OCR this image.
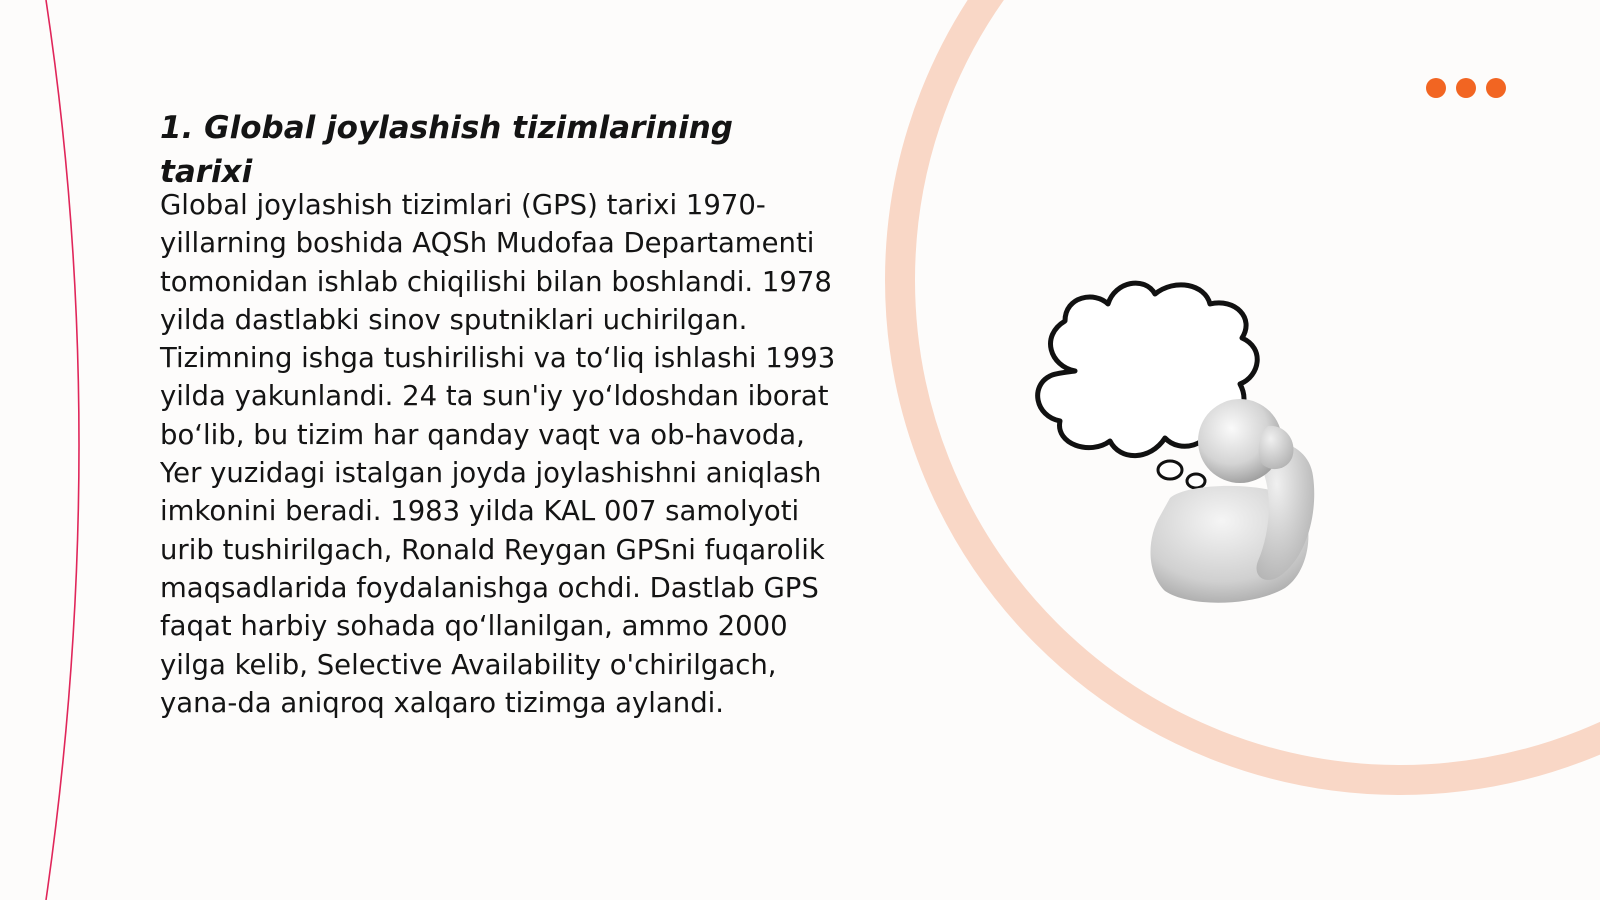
1. Global joylashish tizimlarining tarixi

Global joylashish tizimlari (GPS) tarixi 1970-yillarning boshida AQSh Mudofaa Departamenti tomonidan ishlab chiqilishi bilan boshlandi. 1978 yilda dastlabki sinov sputniklari uchirilgan. Tizimning ishga tushirilishi va to‘liq ishlashi 1993 yilda yakunlandi. 24 ta sun'iy yo‘ldoshdan iborat bo‘lib, bu tizim har qanday vaqt va ob-havoda, Yer yuzidagi istalgan joyda joylashishni aniqlash imkonini beradi. 1983 yilda KAL 007 samolyoti urib tushirilgach, Ronald Reygan GPSni fuqarolik maqsadlarida foydalanishga ochdi. Dastlab GPS faqat harbiy sohada qo‘llanilgan, ammo 2000 yilga kelib, Selective Availability o'chirilgach, yana-da aniqroq xalqaro tizimga aylandi.
